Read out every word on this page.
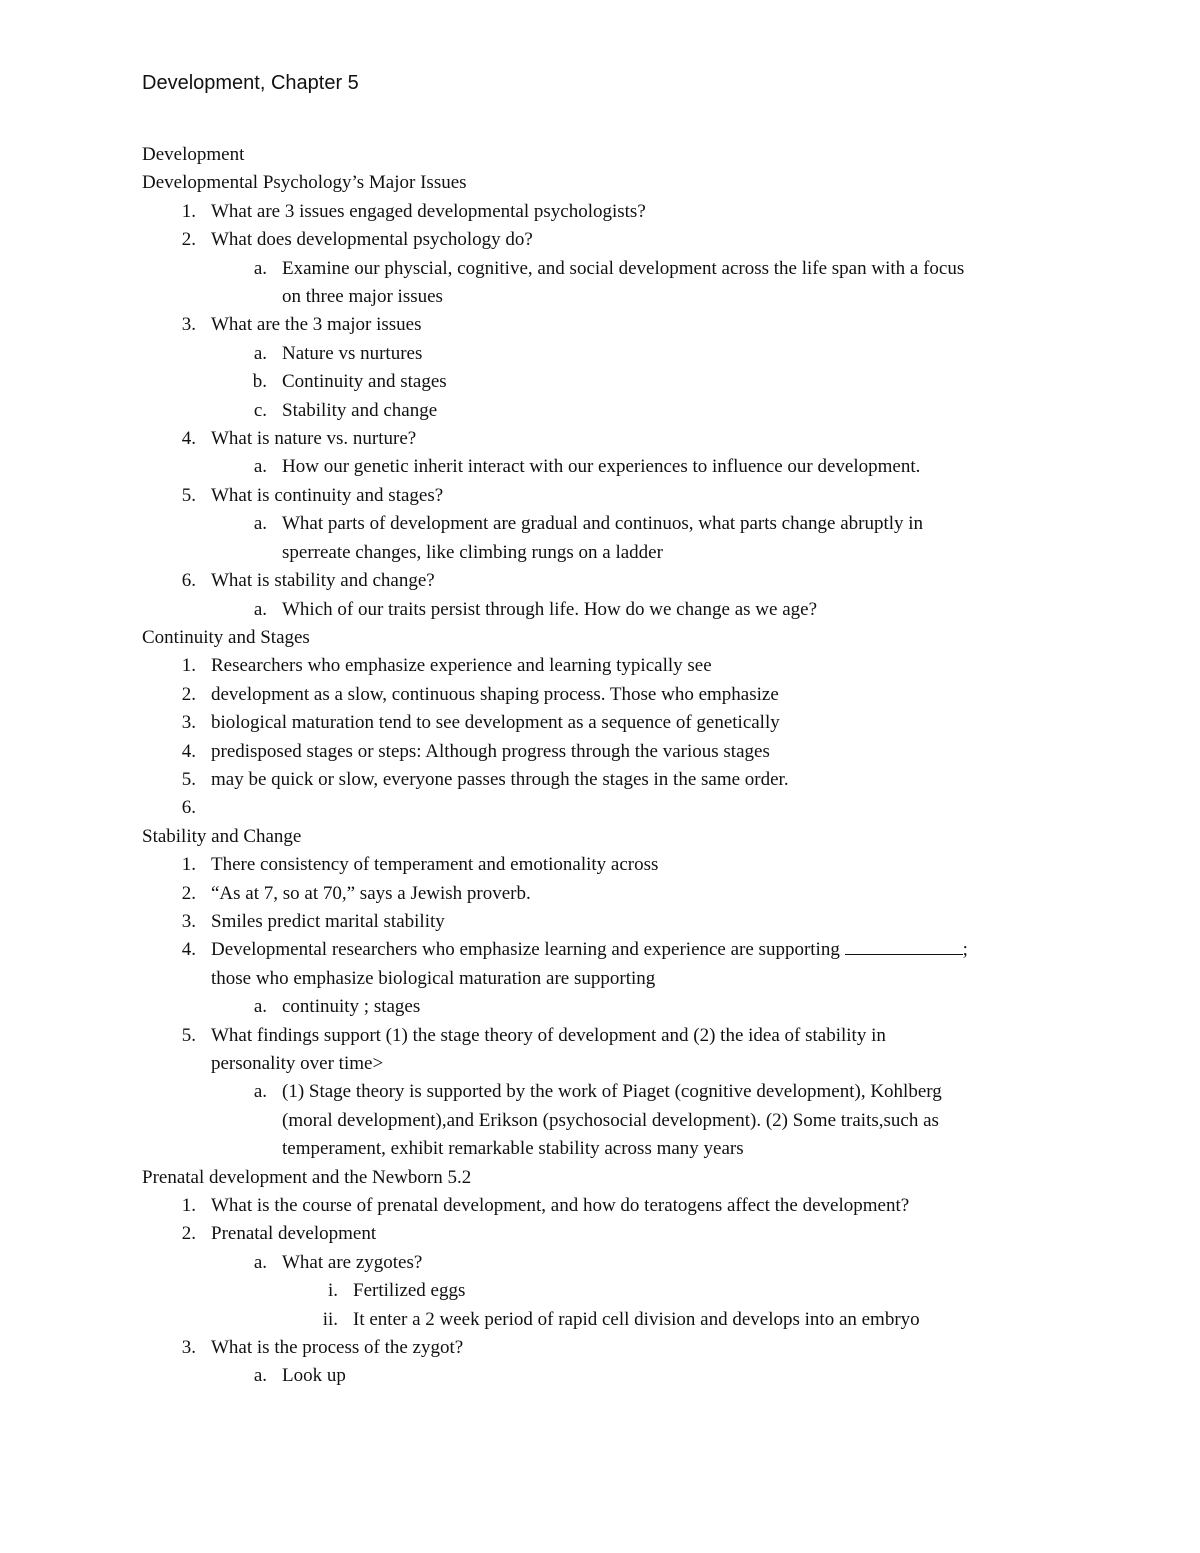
Development, Chapter 5
Development
Developmental Psychology’s Major Issues
1. What are 3 issues engaged developmental psychologists?
2. What does developmental psychology do?
a. Examine our physcial, cognitive, and social development across the life span with a focus
on three major issues
3. What are the 3 major issues
a. Nature vs nurtures
b. Continuity and stages
c. Stability and change
4. What is nature vs. nurture?
a. How our genetic inherit interact with our experiences to influence our development.
5. What is continuity and stages?
a. What parts of development are gradual and continuos, what parts change abruptly in
sperreate changes, like climbing rungs on a ladder
6. What is stability and change?
a. Which of our traits persist through life. How do we change as we age?
Continuity and Stages
1. Researchers who emphasize experience and learning typically see
2. development as a slow, continuous shaping process. Those who emphasize
3. biological maturation tend to see development as a sequence of genetically
4. predisposed stages or steps: Although progress through the various stages
5. may be quick or slow, everyone passes through the stages in the same order.
6.
Stability and Change
1. There consistency of temperament and emotionality across
2. “As at 7, so at 70,” says a Jewish proverb.
3. Smiles predict marital stability
4. Developmental researchers who emphasize learning and experience are supporting	;
those who emphasize biological maturation are supporting
a. continuity ; stages
5. What findings support (1) the stage theory of development and (2) the idea of stability in
personality over time>
a. (1) Stage theory is supported by the work of Piaget (cognitive development), Kohlberg
(moral development),and Erikson (psychosocial development). (2) Some traits,such as
temperament, exhibit remarkable stability across many years
Prenatal development and the Newborn 5.2
1. What is the course of prenatal development, and how do teratogens affect the development?
2. Prenatal development
a. What are zygotes?
i. Fertilized eggs
ii. It enter a 2 week period of rapid cell division and develops into an embryo
3. What is the process of the zygot?
a. Look up
